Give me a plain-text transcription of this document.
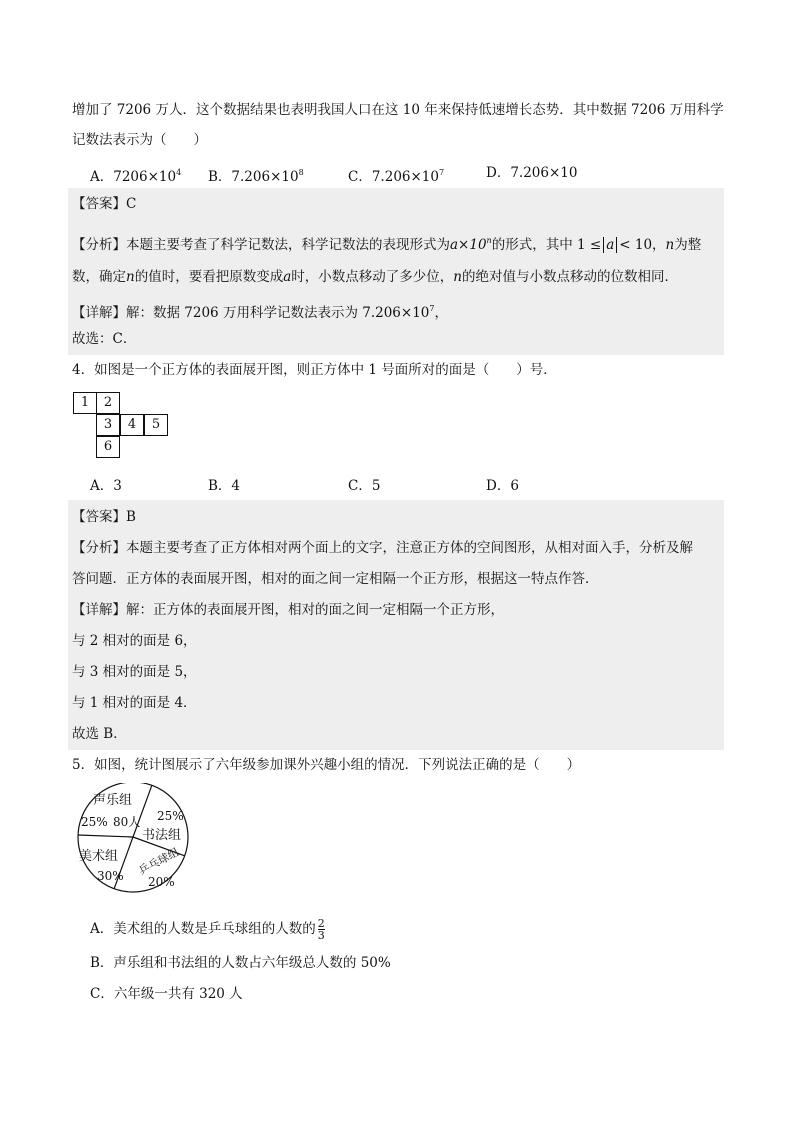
增加了 7206 万人．这个数据结果也表明我国人口在这 10 年来保持低速增长态势．其中数据 7206 万用科学
记数法表示为（　　）
A．$7206\times 10^4$ B．$7.206\times 10^8$	C．$7.206\times 10^7$	D．7.206×10
【答案】C
【分析】本题主要考查了科学记数法，科学记数法的表现形式为$a\times 10^n$的形式，其中 1 ≤ a < 10，n为整
数，确定n的值时，要看把原数变成a时，小数点移动了多少位，n的绝对值与小数点移动的位数相同．
【详解】解：数据 7206 万用科学记数法表示为 $7.206\times 10^7$，
故选：C．
4．如图是一个正方体的表面展开图，则正方体中 1 号面所对的面是（　　）号．
1	2
3	4	5
6
A．3	B．4	C．5	D．6
【答案】B
【分析】本题主要考查了正方体相对两个面上的文字，注意正方体的空间图形，从相对面入手，分析及解
答问题．正方体的表面展开图，相对的面之间一定相隔一个正方形，根据这一特点作答．
【详解】解：正方体的表面展开图，相对的面之间一定相隔一个正方形，
与 2 相对的面是 6，
与 3 相对的面是 5，
与 1 相对的面是 4．
故选 B．
5．如图，统计图展示了六年级参加课外兴趣小组的情况．下列说法正确的是（　　）
声乐组
25% 80人 25%
书法组
美术组
30% 乒乓球组
20%
A．美术组的人数是乒乓球组的人数的 $\frac{2}{3}$
B．声乐组和书法组的人数占六年级总人数的 50%
C．六年级一共有 320 人
